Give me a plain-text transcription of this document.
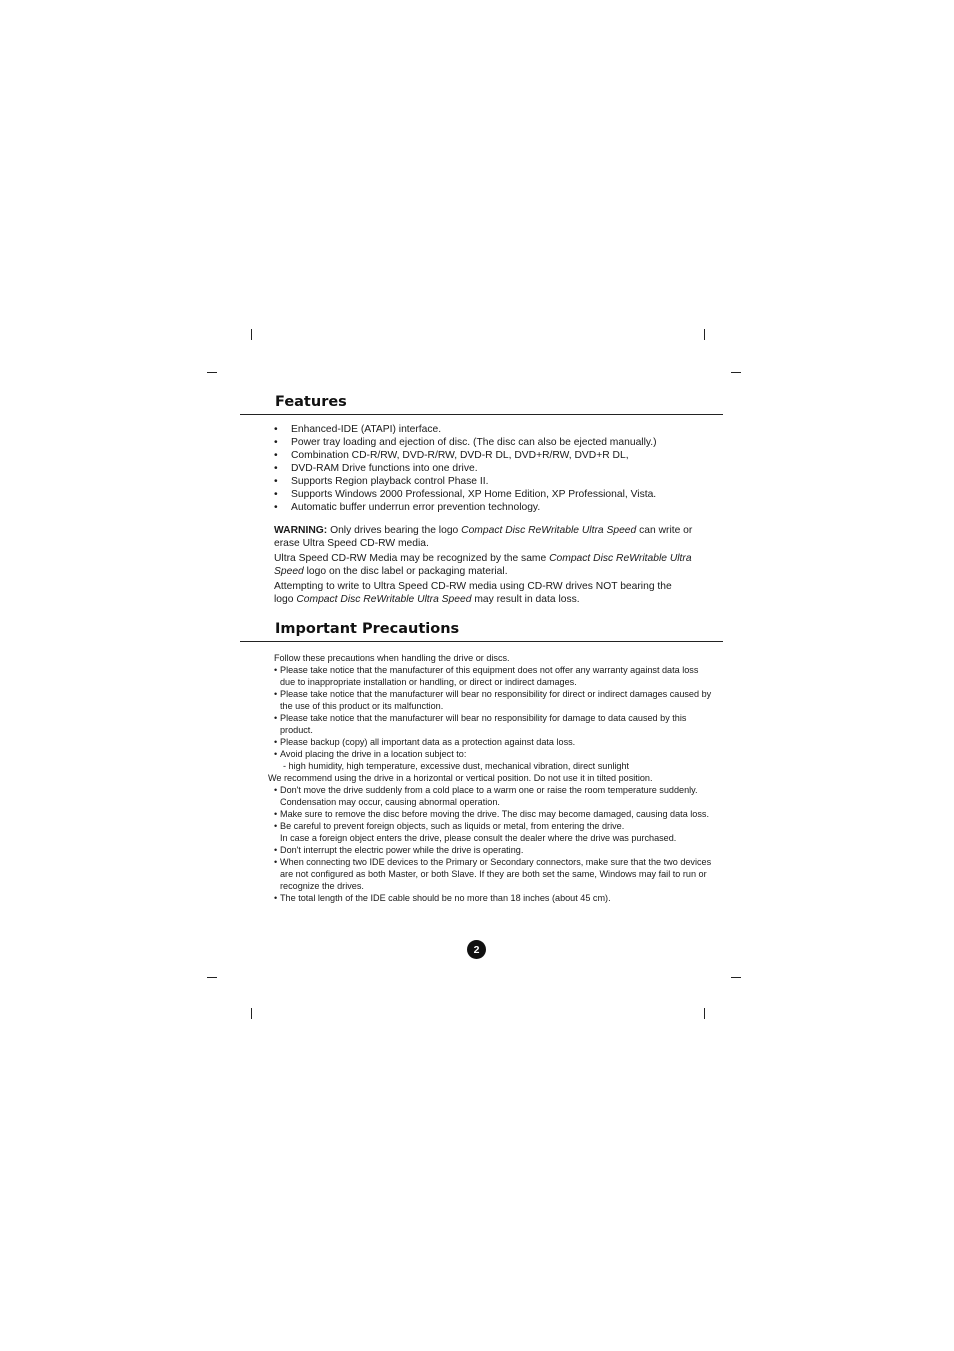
Features
• Enhanced-IDE (ATAPI) interface.
• Power tray loading and ejection of disc. (The disc can also be ejected manually.)
• Combination CD-R/RW, DVD-R/RW, DVD-R DL, DVD+R/RW, DVD+R DL,
• DVD-RAM Drive functions into one drive.
• Supports Region playback control Phase II.
• Supports Windows 2000 Professional, XP Home Edition, XP Professional, Vista.
• Automatic buffer underrun error prevention technology.

WARNING: Only drives bearing the logo Compact Disc ReWritable Ultra Speed can write or erase Ultra Speed CD-RW media.

Ultra Speed CD-RW Media may be recognized by the same Compact Disc ReWritable Ultra Speed logo on the disc label or packaging material.

Attempting to write to Ultra Speed CD-RW media using CD-RW drives NOT bearing the logo Compact Disc ReWritable Ultra Speed may result in data loss.

Important Precautions

Follow these precautions when handling the drive or discs.

• Please take notice that the manufacturer of this equipment does not offer any warranty against data loss due to inappropriate installation or handling, or direct or indirect damages.
• Please take notice that the manufacturer will bear no responsibility for direct or indirect damages caused by the use of this product or its malfunction.
• Please take notice that the manufacturer will bear no responsibility for damage to data caused by this product.
• Please backup (copy) all important data as a protection against data loss.
• Avoid placing the drive in a location subject to:
- high humidity, high temperature, excessive dust, mechanical vibration, direct sunlight
We recommend using the drive in a horizontal or vertical position. Do not use it in tilted position.
• Don't move the drive suddenly from a cold place to a warm one or raise the room temperature suddenly. Condensation may occur, causing abnormal operation.
• Make sure to remove the disc before moving the drive. The disc may become damaged, causing data loss.
• Be careful to prevent foreign objects, such as liquids or metal, from entering the drive.
In case a foreign object enters the drive, please consult the dealer where the drive was purchased.
• Don't interrupt the electric power while the drive is operating.
• When connecting two IDE devices to the Primary or Secondary connectors, make sure that the two devices are not configured as both Master, or both Slave. If they are both set the same, Windows may fail to run or recognize the drives.
• The total length of the IDE cable should be no more than 18 inches (about 45 cm).
2
